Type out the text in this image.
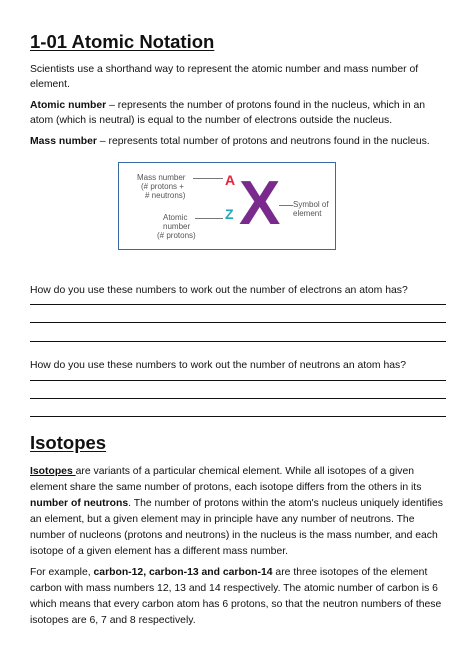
1-01 Atomic Notation

Scientists use a shorthand way to represent the atomic number and mass number of element.

Atomic number – represents the number of protons found in the nucleus, which in an atom (which is neutral) is equal to the number of electrons outside the nucleus.

Mass number – represents total number of protons and neutrons found in the nucleus.

Mass number
(# protons +
# neutrons)
Atomic
number
(# protons)
A
Z X Symbol of
element

How do you use these numbers to work out the number of electrons an atom has?

How do you use these numbers to work out the number of neutrons an atom has?

Isotopes

Isotopes are variants of a particular chemical element. While all isotopes of a given element share the same number of protons, each isotope differs from the others in its number of neutrons. The number of protons within the atom's nucleus uniquely identifies an element, but a given element may in principle have any number of neutrons. The number of nucleons (protons and neutrons) in the nucleus is the mass number, and each isotope of a given element has a different mass number.

For example, carbon-12, carbon-13 and carbon-14 are three isotopes of the element carbon with mass numbers 12, 13 and 14 respectively. The atomic number of carbon is 6 which means that every carbon atom has 6 protons, so that the neutron numbers of these isotopes are 6, 7 and 8 respectively.
